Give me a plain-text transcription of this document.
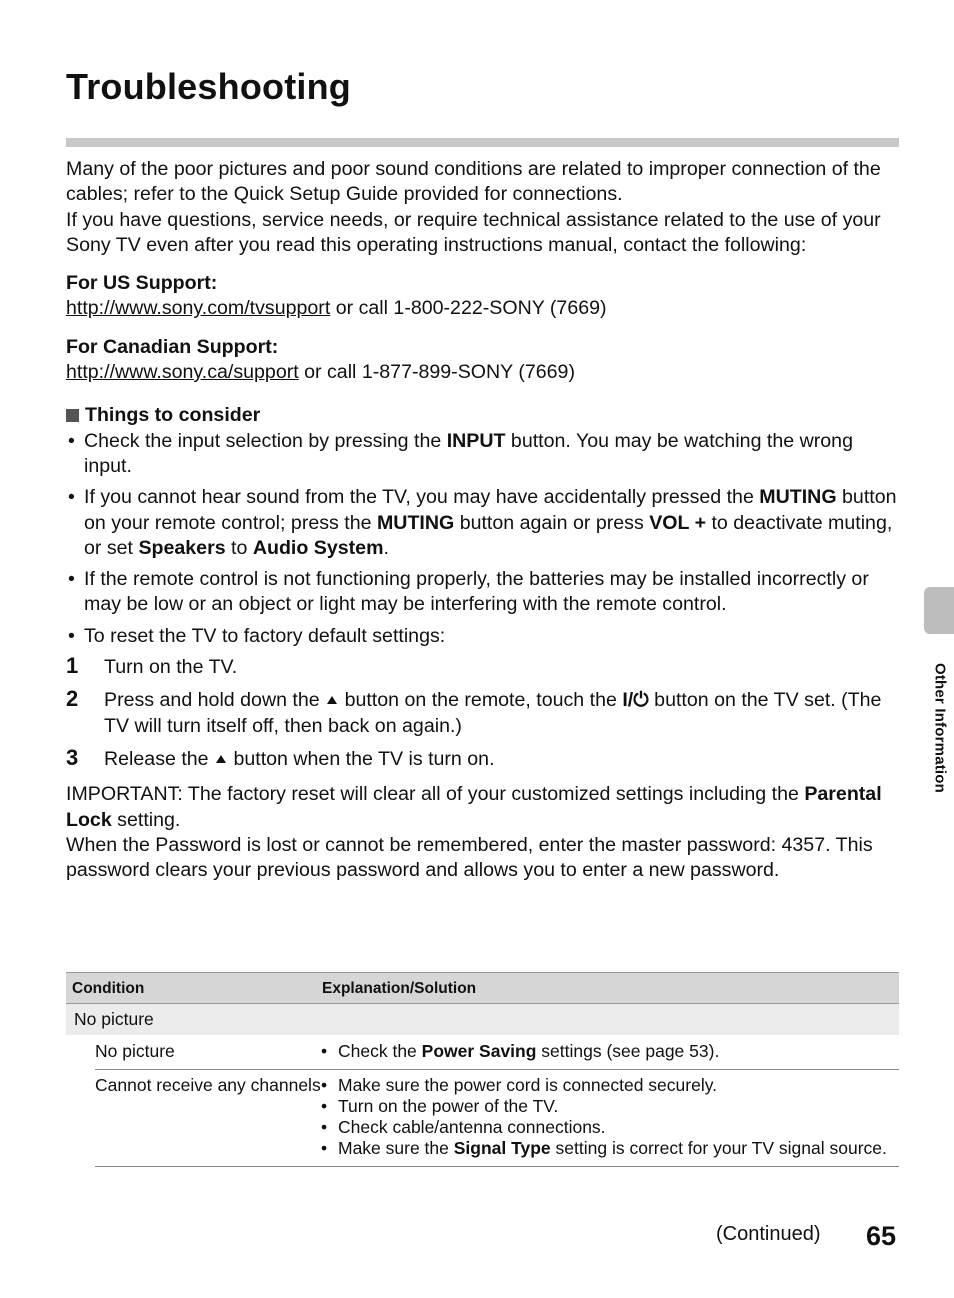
Troubleshooting

Many of the poor pictures and poor sound conditions are related to improper connection of the cables; refer to the Quick Setup Guide provided for connections.

If you have questions, service needs, or require technical assistance related to the use of your Sony TV even after you read this operating instructions manual, contact the following:

For US Support:

http://www.sony.com/tvsupport or call 1-800-222-SONY (7669)

For Canadian Support:

http://www.sony.ca/support or call 1-877-899-SONY (7669)

Things to consider

• Check the input selection by pressing the INPUT button. You may be watching the wrong input.
• If you cannot hear sound from the TV, you may have accidentally pressed the MUTING button on your remote control; press the MUTING button again or press VOL + to deactivate muting, or set Speakers to Audio System.
• If the remote control is not functioning properly, the batteries may be installed incorrectly or may be low or an object or light may be interfering with the remote control.
• To reset the TV to factory default settings:
1 Turn on the TV.
2 Press and hold down the  button on the remote, touch the I/⏻ button on the TV set. (The TV will turn itself off, then back on again.)
3 Release the  button when the TV is turn on.

IMPORTANT: The factory reset will clear all of your customized settings including the Parental Lock setting.

When the Password is lost or cannot be remembered, enter the master password: 4357. This password clears your previous password and allows you to enter a new password.

Condition	Explanation/Solution
No picture
No picture	• Check the Power Saving settings (see page 53).
Cannot receive any channels • Make sure the power cord is connected securely.
• Turn on the power of the TV.
• Check cable/antenna connections.
• Make sure the Signal Type setting is correct for your TV signal source.
Other Information
(Continued) 65
